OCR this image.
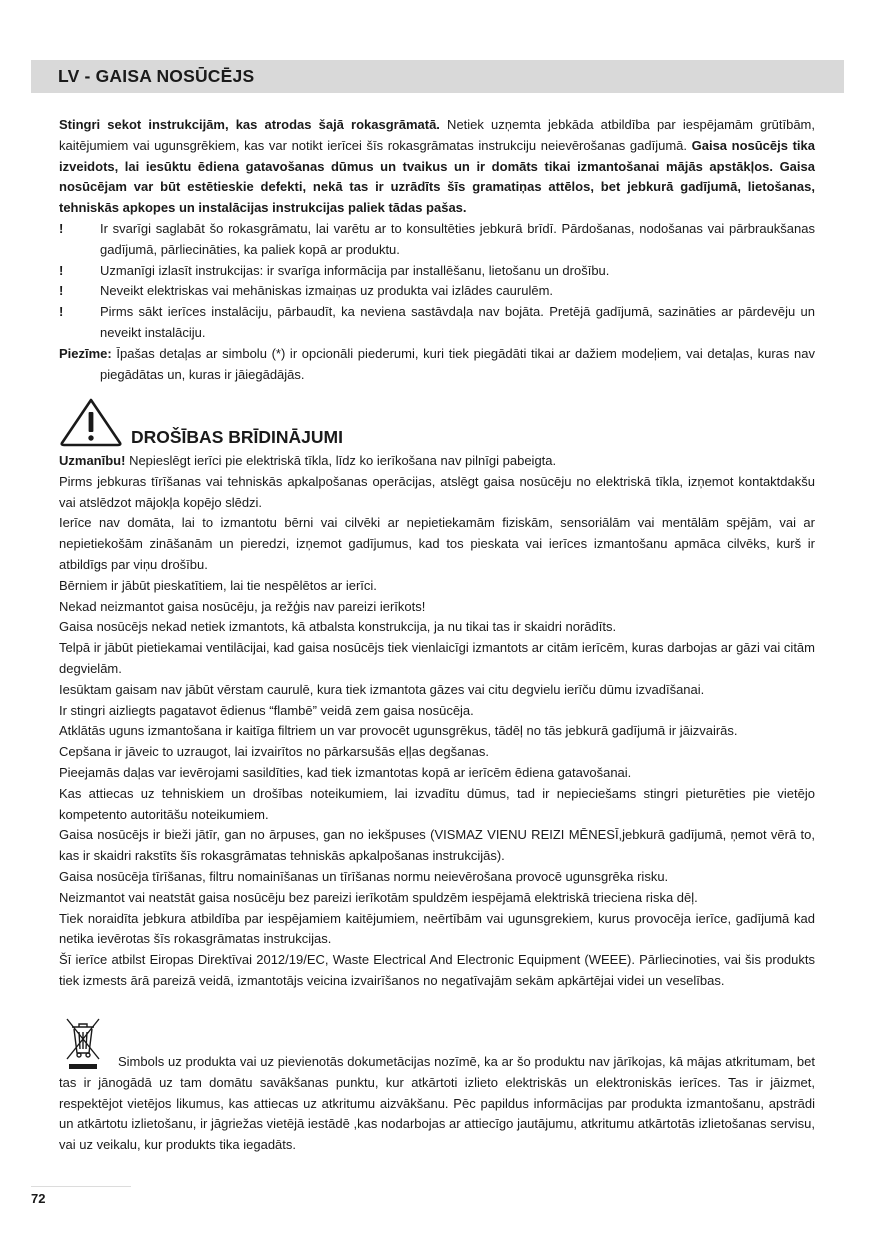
LV - GAISA NOSŪCĒJS

Stingri sekot instrukcijām, kas atrodas šajā rokasgrāmatā. Netiek uzņemta jebkāda atbildība par iespējamām grūtībām, kaitējumiem vai ugunsgrēkiem, kas var notikt ierīcei šīs rokasgrāmatas instrukciju neievērošanas gadījumā. Gaisa nosūcējs tika izveidots, lai iesūktu ēdiena gatavošanas dūmus un tvaikus un ir domāts tikai izmantošanai mājās apstākļos. Gaisa nosūcējam var būt estētieskie defekti, nekā tas ir uzrādīts šīs gramatiņas attēlos, bet jebkurā gadījumā, lietošanas, tehniskās apkopes un instalācijas instrukcijas paliek tādas pašas.

!	Ir svarīgi saglabāt šo rokasgrāmatu, lai varētu ar to konsultēties jebkurā brīdī. Pārdošanas, nodošanas vai pārbraukšanas gadījumā, pārliecināties, ka paliek kopā ar produktu.
!	Uzmanīgi izlasīt instrukcijas: ir svarīga informācija par installēšanu, lietošanu un drošību.
!	Neveikt elektriskas vai mehāniskas izmaiņas uz produkta vai izlādes caurulēm.
!	Pirms sākt ierīces instalāciju, pārbaudīt, ka neviena sastāvdaļa nav bojāta. Pretējā gadījumā, sazināties ar pārdevēju un neveikt instalāciju.
Piezīme: Īpašas detaļas ar simbolu (*) ir opcionāli piederumi, kuri tiek piegādāti tikai ar dažiem modeļiem, vai detaļas, kuras nav piegādātas un, kuras ir jāiegādājās.
DROŠĪBAS BRĪDINĀJUMI

Uzmanību! Nepieslēgt ierīci pie elektriskā tīkla, līdz ko ierīkošana nav pilnīgi pabeigta.

Pirms jebkuras tīrīšanas vai tehniskās apkalpošanas operācijas, atslēgt gaisa nosūcēju no elektriskā tīkla, izņemot kontaktdakšu vai atslēdzot mājokļa kopējo slēdzi.

Ierīce nav domāta, lai to izmantotu bērni vai cilvēki ar nepietiekamām fiziskām, sensoriālām vai mentālām spējām, vai ar nepietiekošām zināšanām un pieredzi, izņemot gadījumus, kad tos pieskata vai ierīces izmantošanu apmāca cilvēks, kurš ir atbildīgs par viņu drošību.

Bērniem ir jābūt pieskatītiem, lai tie nespēlētos ar ierīci.

Nekad neizmantot gaisa nosūcēju, ja režģis nav pareizi ierīkots!

Gaisa nosūcējs nekad netiek izmantots, kā atbalsta konstrukcija, ja nu tikai tas ir skaidri norādīts.

Telpā ir jābūt pietiekamai ventilācijai, kad gaisa nosūcējs tiek vienlaicīgi izmantots ar citām ierīcēm, kuras darbojas ar gāzi vai citām degvielām.

Iesūktam gaisam nav jābūt vērstam caurulē, kura tiek izmantota gāzes vai citu degvielu ierīču dūmu izvadīšanai.

Ir stingri aizliegts pagatavot ēdienus “flambē” veidā zem gaisa nosūcēja.

Atklātās uguns izmantošana ir kaitīga filtriem un var provocēt ugunsgrēkus, tādēļ no tās jebkurā gadījumā ir jāizvairās.

Cepšana ir jāveic to uzraugot, lai izvairītos no pārkarsušās eļļas degšanas.

Pieejamās daļas var ievērojami sasildīties, kad tiek izmantotas kopā ar ierīcēm ēdiena gatavošanai.

Kas attiecas uz tehniskiem un drošības noteikumiem, lai izvadītu dūmus, tad ir nepieciešams stingri pieturēties pie vietējo kompetento autoritāšu noteikumiem.

Gaisa nosūcējs ir bieži jātīr, gan no ārpuses, gan no iekšpuses (VISMAZ VIENU REIZI MĒNESĪ,jebkurā gadījumā, ņemot vērā to, kas ir skaidri rakstīts šīs rokasgrāmatas tehniskās apkalpošanas instrukcijās).

Gaisa nosūcēja tīrīšanas, filtru nomainīšanas un tīrīšanas normu neievērošana provocē ugunsgrēka risku.

Neizmantot vai neatstāt gaisa nosūcēju bez pareizi ierīkotām spuldzēm iespējamā elektriskā trieciena riska dēļ.

Tiek noraidīta jebkura atbildība par iespējamiem kaitējumiem, neērtībām vai ugunsgrekiem, kurus provocēja ierīce, gadījumā kad netika ievērotas šīs rokasgrāmatas instrukcijas.

Šī ierīce atbilst Eiropas Direktīvai 2012/19/EC, Waste Electrical And Electronic Equipment (WEEE). Pārliecinoties, vai šis produkts tiek izmests ārā pareizā veidā, izmantotājs veicina izvairīšanos no negatīvajām sekām apkārtējai videi un veselības.

Simbols uz produkta vai uz pievienotās dokumetācijas nozīmē, ka ar šo produktu nav jārīkojas, kā mājas atkritumam, bet tas ir jānogādā uz tam domātu savākšanas punktu, kur atkārtoti izlieto elektriskās un elektroniskās ierīces. Tas ir jāizmet, respektējot vietējos likumus, kas attiecas uz atkritumu aizvākšanu. Pēc papildus informācijas par produkta izmantošanu, apstrādi un atkārtotu izlietošanu, ir jāgriežas vietējā iestādē ,kas nodarbojas ar attiecīgo jautājumu, atkritumu atkārtotās izlietošanas servisu, vai uz veikalu, kur produkts tika iegadāts.

72
